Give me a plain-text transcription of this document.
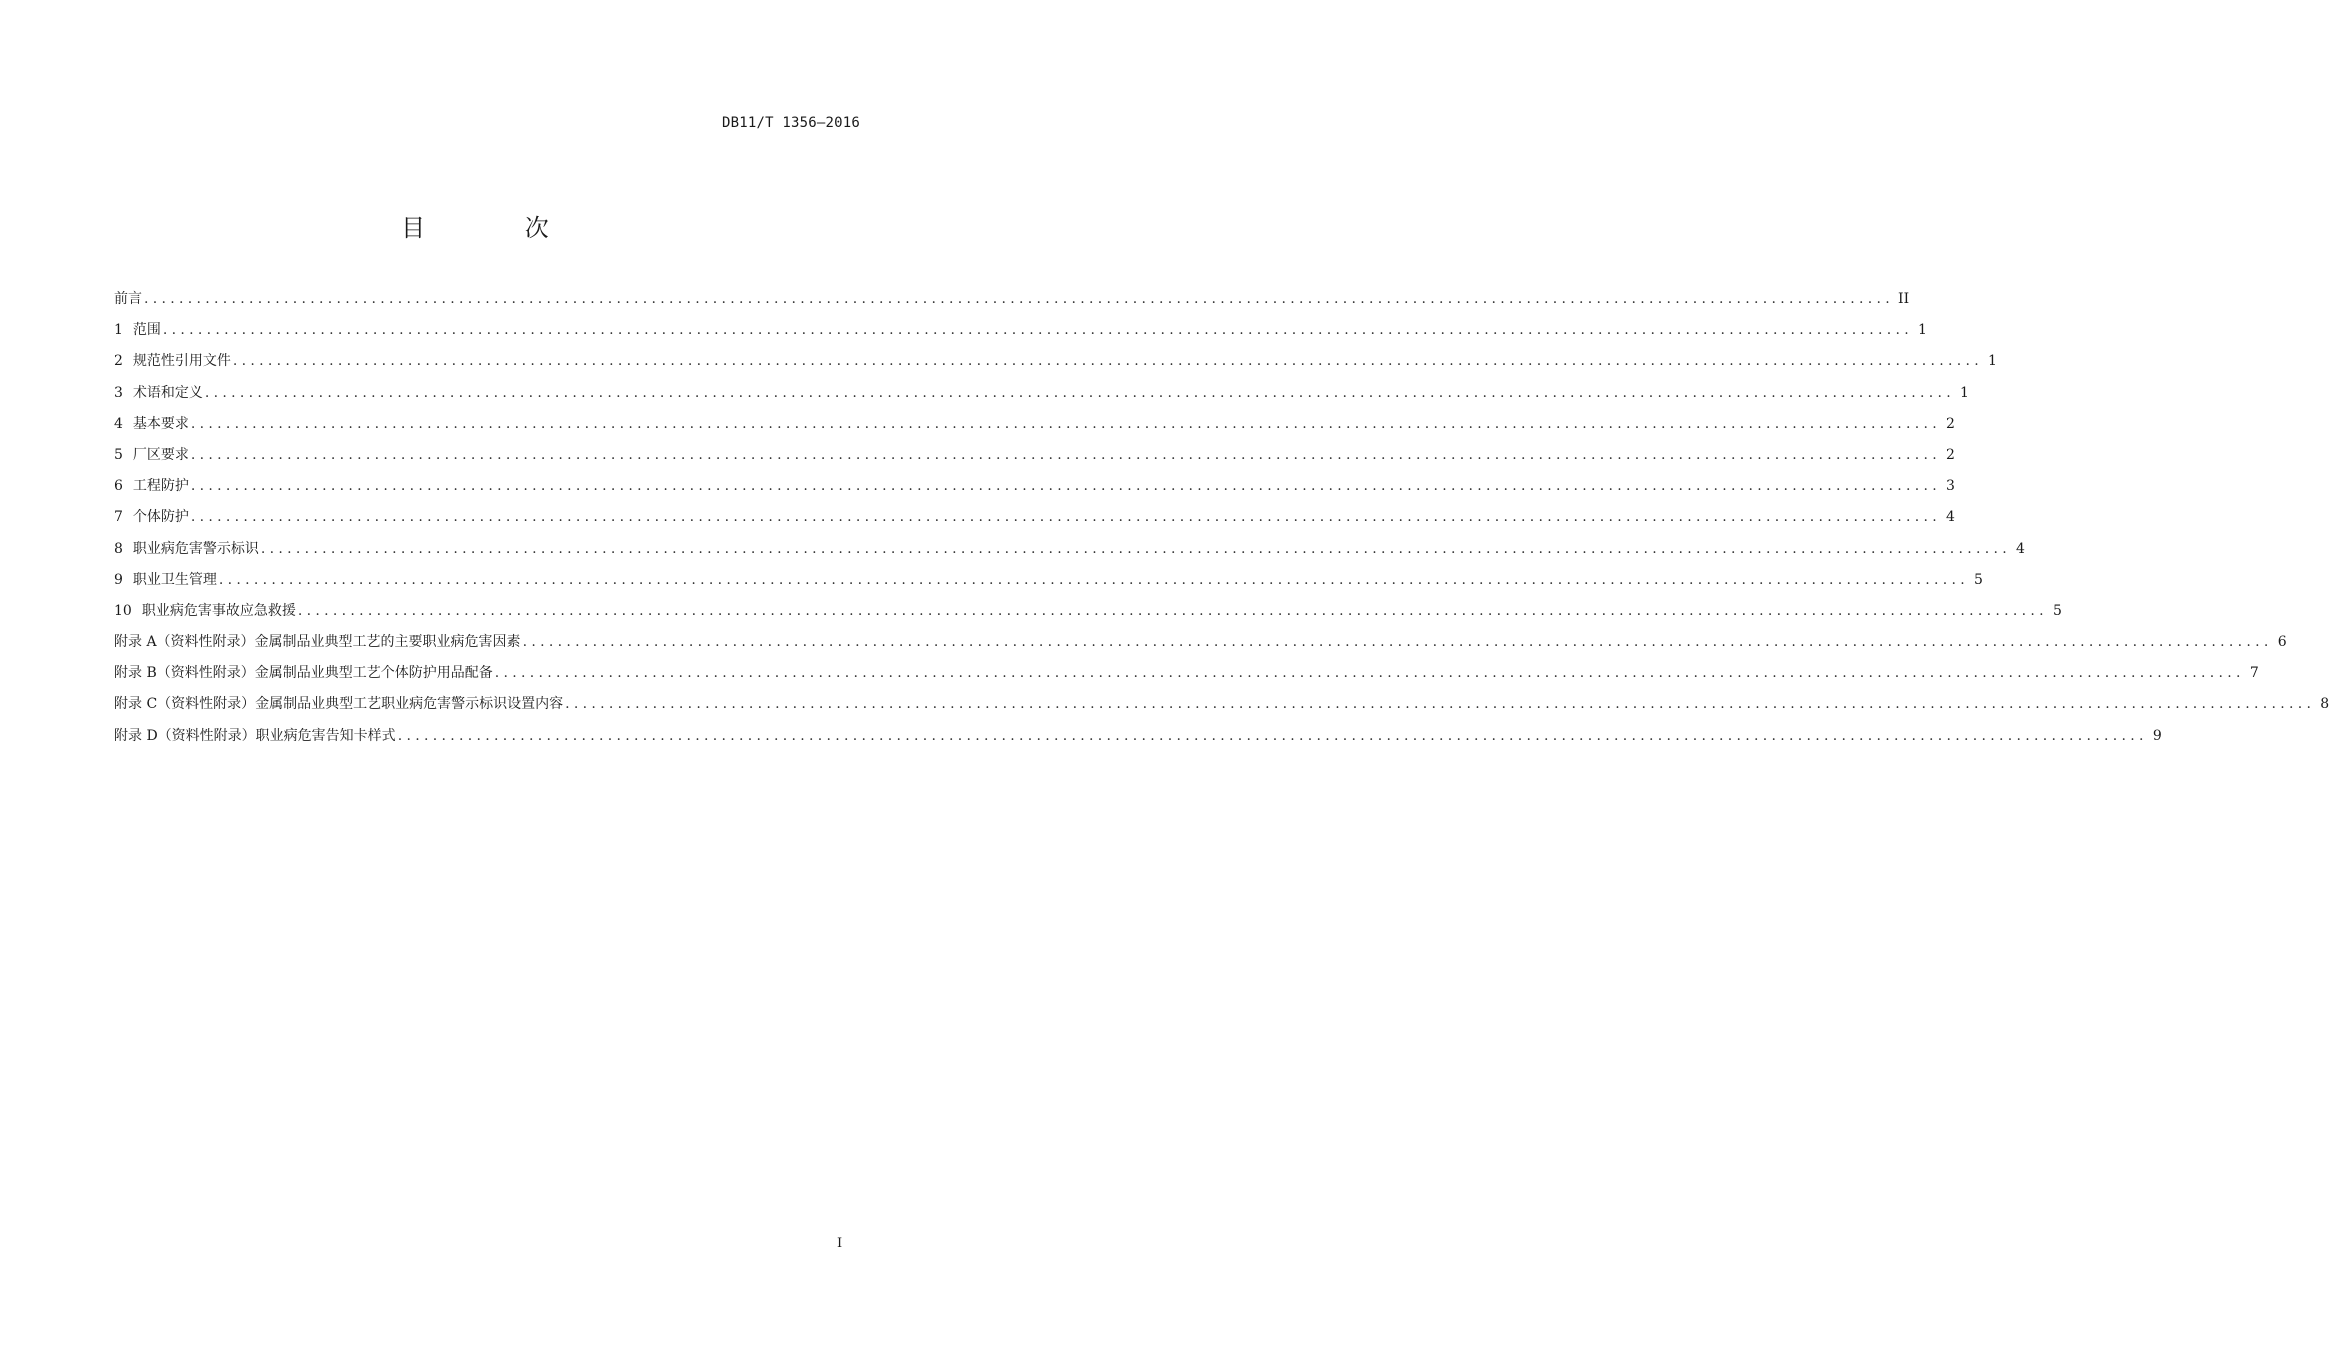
DB11/T 1356—2016
目 次
前言 ........................................................................................................................................................................................................ II
1 范围 ........................................................................................................................................................................................................ 1
2 规范性引用文件 ........................................................................................................................................................................................................ 1
3 术语和定义 ........................................................................................................................................................................................................ 1
4 基本要求 ........................................................................................................................................................................................................ 2
5 厂区要求 ........................................................................................................................................................................................................ 2
6 工程防护 ........................................................................................................................................................................................................ 3
7 个体防护 ........................................................................................................................................................................................................ 4
8 职业病危害警示标识 ........................................................................................................................................................................................................ 4
9 职业卫生管理 ........................................................................................................................................................................................................ 5
10 职业病危害事故应急救援 ........................................................................................................................................................................................................ 5
附录 A（资料性附录）金属制品业典型工艺的主要职业病危害因素 ........................................................................................................................................................................................................ 6
附录 B（资料性附录）金属制品业典型工艺个体防护用品配备 ........................................................................................................................................................................................................ 7
附录 C（资料性附录）金属制品业典型工艺职业病危害警示标识设置内容 ........................................................................................................................................................................................................ 8
附录 D（资料性附录）职业病危害告知卡样式 ........................................................................................................................................................................................................ 9
I
